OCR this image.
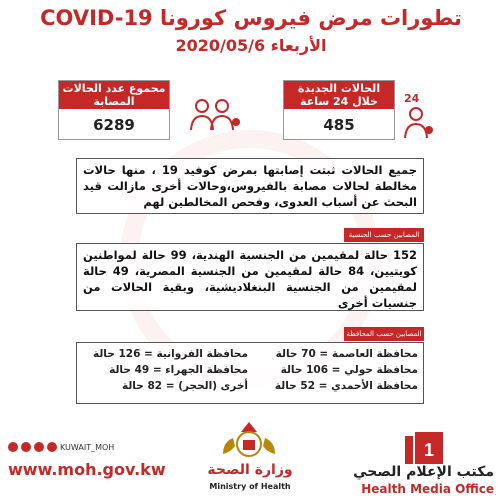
تطورات مرض فيروس كورونا COVID-19
الأربعاء 2020/05/6
24
الحالات الجديدة خلال 24 ساعة الماضية
485
مجموع عدد الحالات المصابة
6289
جميع الحالات ثبتت إصابتها بمرض كوفيد 19 ، منها حالات مخالطة لحالات مصابة بالفيروس،وحالات أخرى مازالت قيد البحث عن أسباب العدوى، وفحص المخالطين لهم
المصابين حسب الجنسية
152 حالة لمقيمين من الجنسية الهندية، 99 حالة لمواطنين كويتيين، 84 حالة لمقيمين من الجنسية المصرية، 49 حالة لمقيمين من الجنسية البنغلاديشية، وبقية الحالات من جنسيات أخرى
المصابين حسب المحافظة
محافظة العاصمة = 70 حالة
محافظة حولي = 106 حالة
محافظة الأحمدي = 52 حالة
محافظة الفروانية = 126 حالة
محافظة الجهراء = 49 حالة
أخرى (الحجر) = 82 حالة
KUWAIT_MOH
www.moh.gov.kw	وزارة الصحة
Ministry of Health
1
مكتب الإعلام الصحي
Health Media Office
